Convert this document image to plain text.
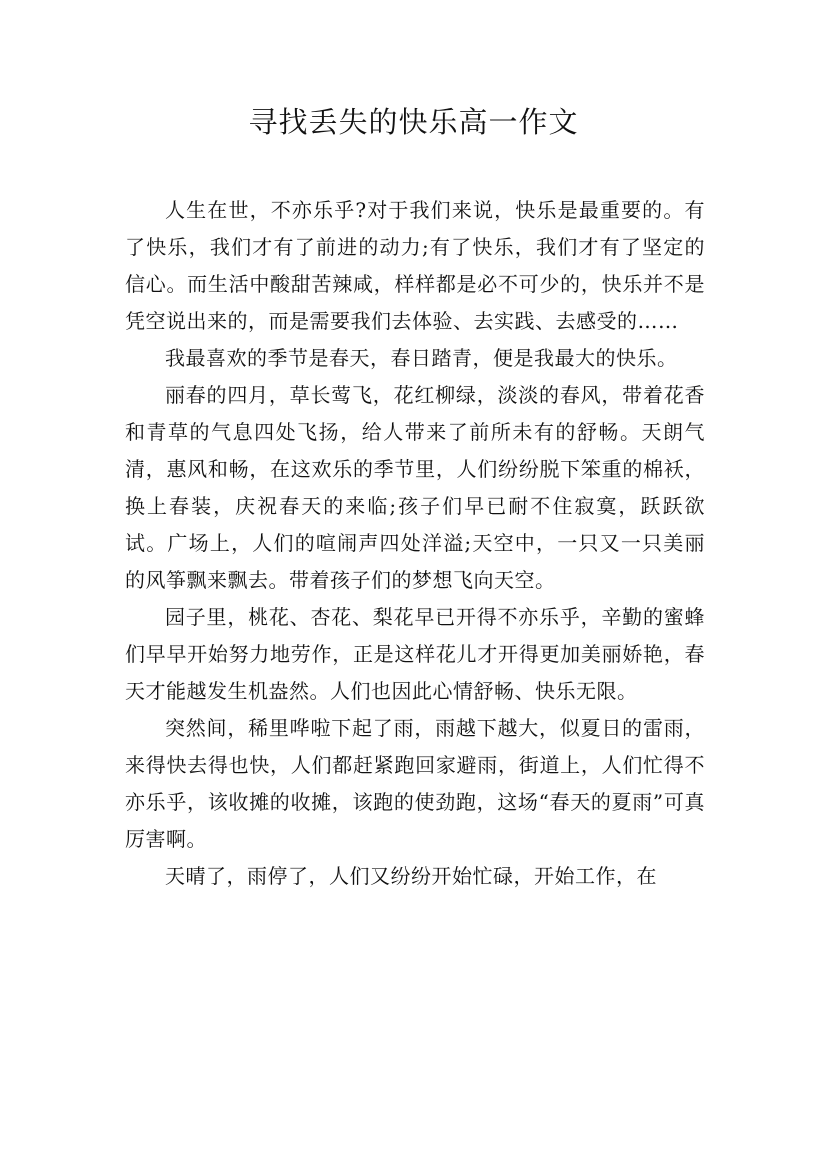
寻找丢失的快乐高一作文

人生在世，不亦乐乎?对于我们来说，快乐是最重要的。有了快乐，我们才有了前进的动力;有了快乐，我们才有了坚定的信心。而生活中酸甜苦辣咸，样样都是必不可少的，快乐并不是凭空说出来的，而是需要我们去体验、去实践、去感受的……

我最喜欢的季节是春天，春日踏青，便是我最大的快乐。

丽春的四月，草长莺飞，花红柳绿，淡淡的春风，带着花香和青草的气息四处飞扬，给人带来了前所未有的舒畅。天朗气清，惠风和畅，在这欢乐的季节里，人们纷纷脱下笨重的棉袄，换上春装，庆祝春天的来临;孩子们早已耐不住寂寞，跃跃欲试。广场上，人们的喧闹声四处洋溢;天空中，一只又一只美丽的风筝飘来飘去。带着孩子们的梦想飞向天空。

园子里，桃花、杏花、梨花早已开得不亦乐乎，辛勤的蜜蜂们早早开始努力地劳作，正是这样花儿才开得更加美丽娇艳，春天才能越发生机盎然。人们也因此心情舒畅、快乐无限。

突然间，稀里哗啦下起了雨，雨越下越大，似夏日的雷雨，来得快去得也快，人们都赶紧跑回家避雨，街道上，人们忙得不亦乐乎，该收摊的收摊，该跑的使劲跑，这场“春天的夏雨”可真厉害啊。

天晴了，雨停了，人们又纷纷开始忙碌，开始工作，在
